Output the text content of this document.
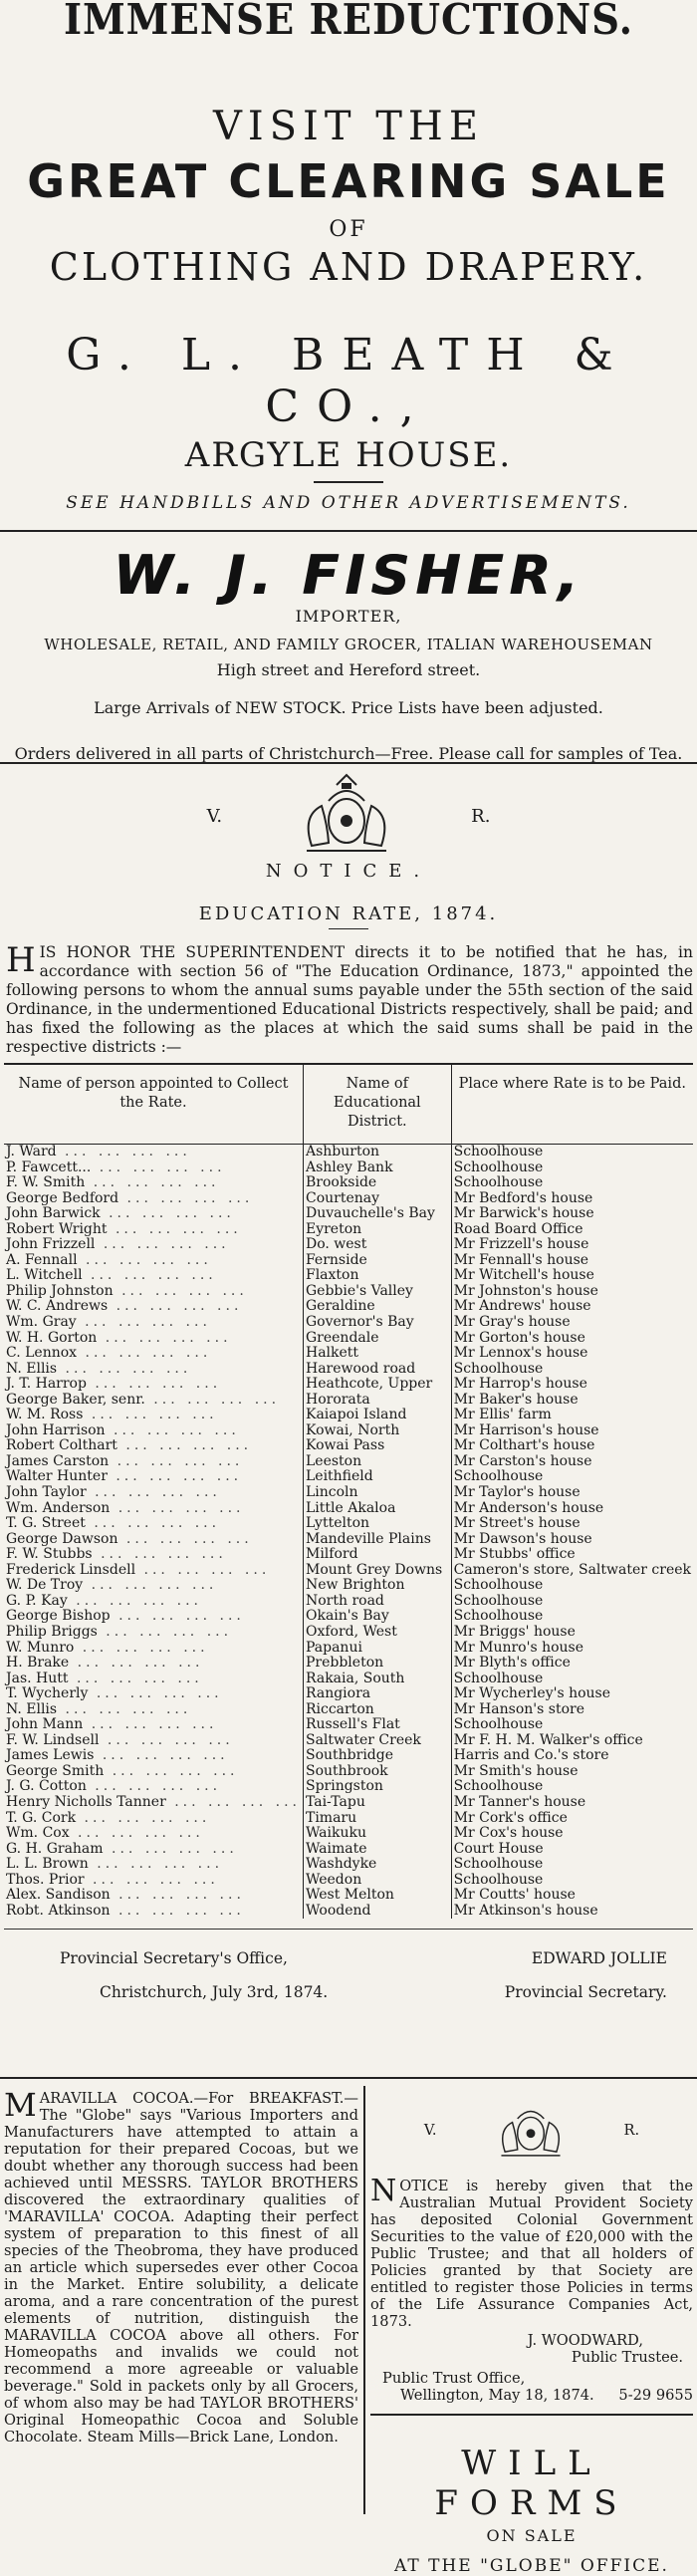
IMMENSE REDUCTIONS.
VISIT THE
GREAT CLEARING SALE
OF
CLOTHING AND DRAPERY.
G. L. BEATH & CO.,
ARGYLE HOUSE.
SEE HANDBILLS AND OTHER ADVERTISEMENTS.
W. J. FISHER,
IMPORTER,
WHOLESALE, RETAIL, AND FAMILY GROCER, ITALIAN WAREHOUSEMAN
High street and Hereford street.
Large Arrivals of NEW STOCK. Price Lists have been adjusted.
Orders delivered in all parts of Christchurch—Free. Please call for samples of Tea.
V.	R.
NOTICE.
EDUCATION RATE, 1874.
HIS HONOR THE SUPERINTENDENT directs it to be notified that he has, in accordance with section 56 of "The Education Ordinance, 1873," appointed the following persons to whom the annual sums payable under the 55th section of the said Ordinance, in the undermentioned Educational Districts respectively, shall be paid; and has fixed the following as the places at which the said sums shall be paid in the respective districts :—
Name of person appointed to Collect the Rate.	Name of Educational District.	Place where Rate is to be Paid.
J. Ward ... ... ... ...	Ashburton	Schoolhouse
P. Fawcett... ... ... ... ...	Ashley Bank	Schoolhouse
F. W. Smith ... ... ... ...	Brookside	Schoolhouse
George Bedford ... ... ... ...	Courtenay	Mr Bedford's house
John Barwick ... ... ... ...	Duvauchelle's Bay	Mr Barwick's house
Robert Wright ... ... ... ...	Eyreton	Road Board Office
John Frizzell ... ... ... ...	Do. west	Mr Frizzell's house
A. Fennall ... ... ... ...	Fernside	Mr Fennall's house
L. Witchell ... ... ... ...	Flaxton	Mr Witchell's house
Philip Johnston ... ... ... ...	Gebbie's Valley	Mr Johnston's house
W. C. Andrews ... ... ... ...	Geraldine	Mr Andrews' house
Wm. Gray ... ... ... ...	Governor's Bay	Mr Gray's house
W. H. Gorton ... ... ... ...	Greendale	Mr Gorton's house
C. Lennox ... ... ... ...	Halkett	Mr Lennox's house
N. Ellis ... ... ... ...	Harewood road	Schoolhouse
J. T. Harrop ... ... ... ...	Heathcote, Upper	Mr Harrop's house
George Baker, senr. ... ... ... ...	Hororata	Mr Baker's house
W. M. Ross ... ... ... ...	Kaiapoi Island	Mr Ellis' farm
John Harrison ... ... ... ...	Kowai, North	Mr Harrison's house
Robert Colthart ... ... ... ...	Kowai Pass	Mr Colthart's house
James Carston ... ... ... ...	Leeston	Mr Carston's house
Walter Hunter ... ... ... ...	Leithfield	Schoolhouse
John Taylor ... ... ... ...	Lincoln	Mr Taylor's house
Wm. Anderson ... ... ... ...	Little Akaloa	Mr Anderson's house
T. G. Street ... ... ... ...	Lyttelton	Mr Street's house
George Dawson ... ... ... ...	Mandeville Plains	Mr Dawson's house
F. W. Stubbs ... ... ... ...	Milford	Mr Stubbs' office
Frederick Linsdell ... ... ... ...	Mount Grey Downs	Cameron's store, Saltwater creek
W. De Troy ... ... ... ...	New Brighton	Schoolhouse
G. P. Kay ... ... ... ...	North road	Schoolhouse
George Bishop ... ... ... ...	Okain's Bay	Schoolhouse
Philip Briggs ... ... ... ...	Oxford, West	Mr Briggs' house
W. Munro ... ... ... ...	Papanui	Mr Munro's house
H. Brake ... ... ... ...	Prebbleton	Mr Blyth's office
Jas. Hutt ... ... ... ...	Rakaia, South	Schoolhouse
T. Wycherly ... ... ... ...	Rangiora	Mr Wycherley's house
N. Ellis ... ... ... ...	Riccarton	Mr Hanson's store
John Mann ... ... ... ...	Russell's Flat	Schoolhouse
F. W. Lindsell ... ... ... ...	Saltwater Creek	Mr F. H. M. Walker's office
James Lewis ... ... ... ...	Southbridge	Harris and Co.'s store
George Smith ... ... ... ...	Southbrook	Mr Smith's house
J. G. Cotton ... ... ... ...	Springston	Schoolhouse
Henry Nicholls Tanner ... ... ... ...	Tai-Tapu	Mr Tanner's house
T. G. Cork ... ... ... ...	Timaru	Mr Cork's office
Wm. Cox ... ... ... ...	Waikuku	Mr Cox's house
G. H. Graham ... ... ... ...	Waimate	Court House
L. L. Brown ... ... ... ...	Washdyke	Schoolhouse
Thos. Prior ... ... ... ...	Weedon	Schoolhouse
Alex. Sandison ... ... ... ...	West Melton	Mr Coutts' house
Robt. Atkinson ... ... ... ...	Woodend	Mr Atkinson's house
Provincial Secretary's Office,	EDWARD JOLLIE
Christchurch, July 3rd, 1874.	Provincial Secretary.
MARAVILLA COCOA.—For BREAKFAST.—The "Globe" says "Various Importers and Manufacturers have attempted to attain a reputation for their prepared Cocoas, but we doubt whether any thorough success had been achieved until MESSRS. TAYLOR BROTHERS discovered the extraordinary qualities of 'MARAVILLA' COCOA. Adapting their perfect system of preparation to this finest of all species of the Theobroma, they have produced an article which supersedes ever other Cocoa in the Market. Entire solubility, a delicate aroma, and a rare concentration of the purest elements of nutrition, distinguish the MARAVILLA COCOA above all others. For Homeopaths and invalids we could not recommend a more agreeable or valuable beverage." Sold in packets only by all Grocers, of whom also may be had TAYLOR BROTHERS' Original Homeopathic Cocoa and Soluble Chocolate. Steam Mills—Brick Lane, London.
V.	R.
NOTICE is hereby given that the Australian Mutual Provident Society has deposited Colonial Government Securities to the value of £20,000 with the Public Trustee; and that all holders of Policies granted by that Society are entitled to register those Policies in terms of the Life Assurance Companies Act, 1873.
J. WOODWARD,
Public Trustee.
Public Trust Office,
Wellington, May 18, 1874. 5-29 9655
WILL FORMS
ON SALE
AT THE "GLOBE" OFFICE.
